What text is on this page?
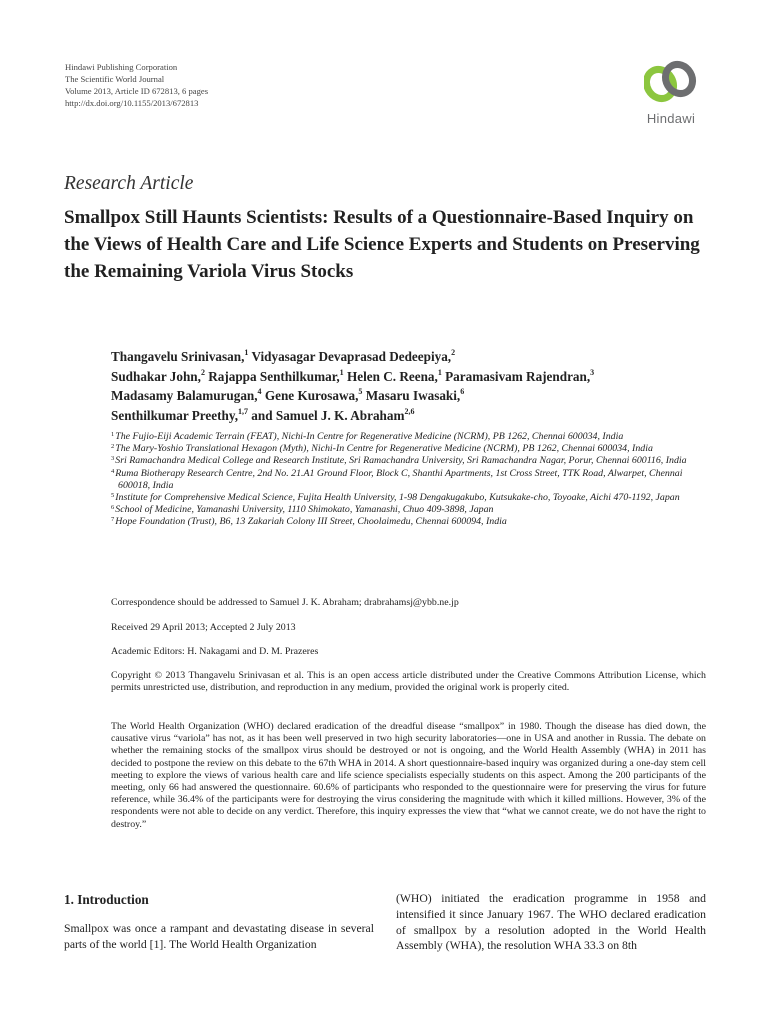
Hindawi Publishing Corporation
The Scientific World Journal
Volume 2013, Article ID 672813, 6 pages
http://dx.doi.org/10.1155/2013/672813
Hindawi
Research Article
Smallpox Still Haunts Scientists: Results of a Questionnaire-Based Inquiry on the Views of Health Care and Life Science Experts and Students on Preserving the Remaining Variola Virus Stocks
Thangavelu Srinivasan,$^1$ Vidyasagar Devaprasad Dedeepiya,$^2$
Sudhakar John,$^2$ Rajappa Senthilkumar,$^1$ Helen C. Reena,$^1$ Paramasivam Rajendran,$^3$
Madasamy Balamurugan,$^4$ Gene Kurosawa,$^5$ Masaru Iwasaki,$^6$
Senthilkumar Preethy,$^{1,7}$ and Samuel J. K. Abraham$^{2,6}$
$^1$The Fujio-Eiji Academic Terrain (FEAT), Nichi-In Centre for Regenerative Medicine (NCRM), PB 1262, Chennai 600034, India
$^2$The Mary-Yoshio Translational Hexagon (Myth), Nichi-In Centre for Regenerative Medicine (NCRM), PB 1262, Chennai 600034, India
$^3$Sri Ramachandra Medical College and Research Institute, Sri Ramachandra University, Sri Ramachandra Nagar, Porur, Chennai 600116, India
$^4$Ruma Biotherapy Research Centre, 2nd No. 21.A1 Ground Floor, Block C, Shanthi Apartments, 1st Cross Street, TTK Road, Alwarpet, Chennai 600018, India
$^5$Institute for Comprehensive Medical Science, Fujita Health University, 1-98 Dengakugakubo, Kutsukake-cho, Toyoake, Aichi 470-1192, Japan
$^6$School of Medicine, Yamanashi University, 1110 Shimokato, Yamanashi, Chuo 409-3898, Japan
$^7$Hope Foundation (Trust), B6, 13 Zakariah Colony III Street, Choolaimedu, Chennai 600094, India
Correspondence should be addressed to Samuel J. K. Abraham; drabrahamsj@ybb.ne.jp
Received 29 April 2013; Accepted 2 July 2013
Academic Editors: H. Nakagami and D. M. Prazeres
Copyright © 2013 Thangavelu Srinivasan et al. This is an open access article distributed under the Creative Commons Attribution License, which permits unrestricted use, distribution, and reproduction in any medium, provided the original work is properly cited.
The World Health Organization (WHO) declared eradication of the dreadful disease “smallpox” in 1980. Though the disease has died down, the causative virus “variola” has not, as it has been well preserved in two high security laboratories—one in USA and another in Russia. The debate on whether the remaining stocks of the smallpox virus should be destroyed or not is ongoing, and the World Health Assembly (WHA) in 2011 has decided to postpone the review on this debate to the 67th WHA in 2014. A short questionnaire-based inquiry was organized during a one-day stem cell meeting to explore the views of various health care and life science specialists especially students on this aspect. Among the 200 participants of the meeting, only 66 had answered the questionnaire. 60.6% of participants who responded to the questionnaire were for preserving the virus for future reference, while 36.4% of the participants were for destroying the virus considering the magnitude with which it killed millions. However, 3% of the respondents were not able to decide on any verdict. Therefore, this inquiry expresses the view that “what we cannot create, we do not have the right to destroy.”
1. Introduction
Smallpox was once a rampant and devastating disease in several parts of the world [1]. The World Health Organization
(WHO) initiated the eradication programme in 1958 and intensified it since January 1967. The WHO declared eradication of smallpox by a resolution adopted in the World Health Assembly (WHA), the resolution WHA 33.3 on 8th
